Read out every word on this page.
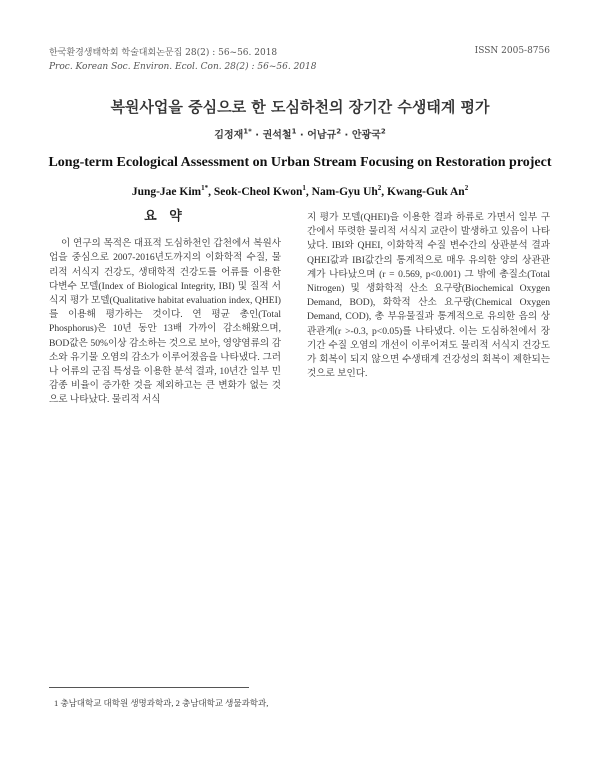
한국환경생태학회 학술대회논문집 28(2) : 56~56. 2018
Proc. Korean Soc. Environ. Ecol. Con. 28(2) : 56~56. 2018
ISSN 2005-8756
복원사업을 중심으로 한 도심하천의 장기간 수생태계 평가
김정재$^{1*}$ · 권석철$^1$ · 어남규$^2$ · 안광국$^2$
Long-term Ecological Assessment on Urban Stream Focusing on Restoration project
Jung-Jae Kim$^{1*}$, Seok-Cheol Kwon$^1$, Nam-Gyu Uh$^2$, Kwang-Guk An$^2$
요 약
이 연구의 목적은 대표적 도심하천인 갑천에서 복원사업을 중심으로 2007-2016년도까지의 이화학적 수질, 물리적 서식지 건강도, 생태학적 건강도를 어류를 이용한 다변수 모델(Index of Biological Integrity, IBI) 및 질적 서식지 평가 모델(Qualitative habitat evaluation index, QHEI)를 이용해 평가하는 것이다. 연 평균 총인(Total Phosphorus)은 10년 동안 13배 가까이 감소해왔으며, BOD값은 50%이상 감소하는 것으로 보아, 영양염류의 감소와 유기물 오염의 감소가 이루어졌음을 나타냈다. 그러나 어류의 군집 특성을 이용한 분석 결과, 10년간 일부 민감종 비율이 증가한 것을 제외하고는 큰 변화가 없는 것으로 나타났다. 물리적 서식
지 평가 모델(QHEI)을 이용한 결과 하류로 가면서 일부 구간에서 뚜렷한 물리적 서식지 교란이 발생하고 있음이 나타났다. IBI와 QHEI, 이화학적 수질 변수간의 상관분석 결과 QHEI값과 IBI값간의 통계적으로 매우 유의한 양의 상관관계가 나타났으며 (r = 0.569, p<0.001) 그 밖에 총질소(Total Nitrogen) 및 생화학적 산소 요구량(Biochemical Oxygen Demand, BOD), 화학적 산소 요구량(Chemical Oxygen Demand, COD), 총 부유물질과 통계적으로 유의한 음의 상관관계(r >-0.3, p<0.05)를 나타냈다. 이는 도심하천에서 장기간 수질 오염의 개선이 이루어져도 물리적 서식지 건강도가 회복이 되지 않으면 수생태계 건강성의 회복이 제한되는 것으로 보인다.
1 충남대학교 대학원 생명과학과, 2 충남대학교 생물과학과,
